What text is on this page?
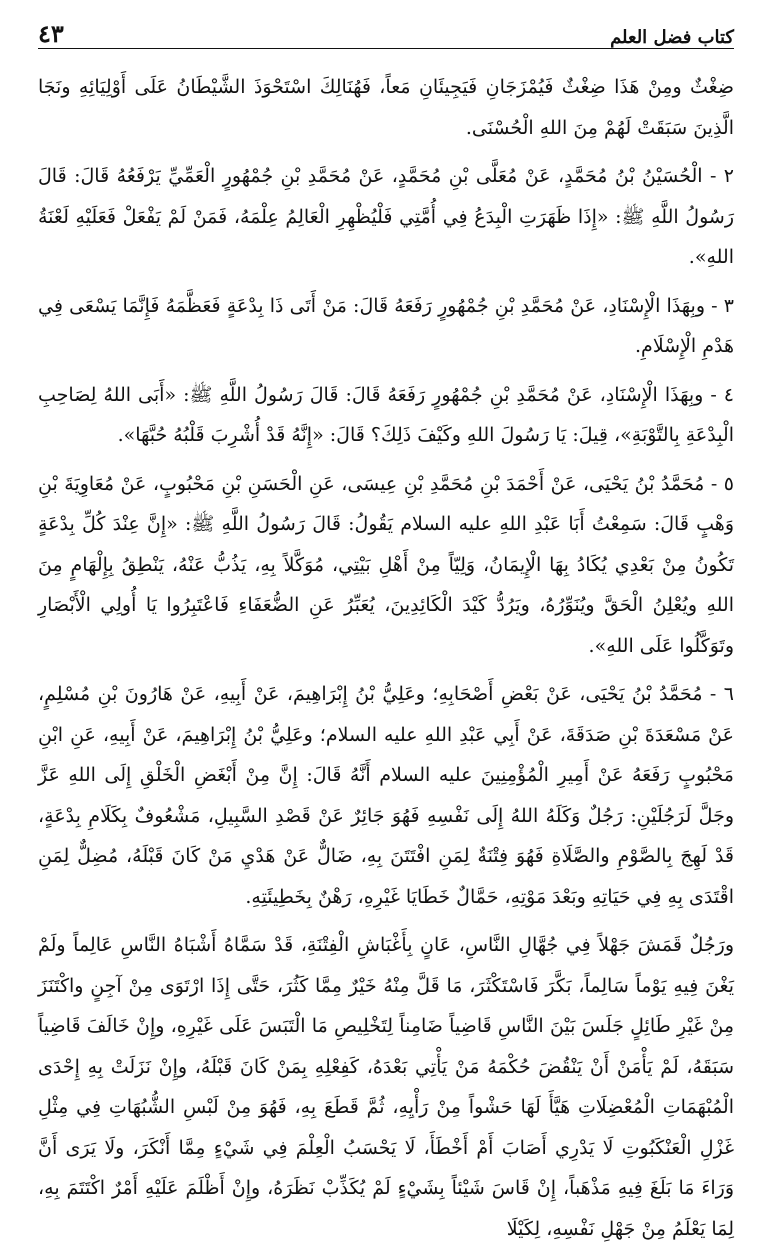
كتاب فضل العلم
٤٣

ضِغْثٌ ومِنْ هَذَا ضِغْثٌ فَيُمْزَجَانِ فَيَجِيئَانِ مَعاً، فَهُنَالِكَ اسْتَحْوَذَ الشَّيْطَانُ عَلَى أَوْلِيَائِهِ ونَجَا الَّذِينَ سَبَقَتْ لَهُمْ مِنَ اللهِ الْحُسْنَى.

٢ - الْحُسَيْنُ بْنُ مُحَمَّدٍ، عَنْ مُعَلَّى بْنِ مُحَمَّدٍ، عَنْ مُحَمَّدِ بْنِ جُمْهُورٍ الْعَمِّيِّ يَرْفَعُهُ قَالَ: قَالَ رَسُولُ اللَّهِ ﷺ: «إِذَا ظَهَرَتِ الْبِدَعُ فِي أُمَّتِي فَلْيُظْهِرِ الْعَالِمُ عِلْمَهُ، فَمَنْ لَمْ يَفْعَلْ فَعَلَيْهِ لَعْنَةُ اللهِ».

٣ - وبِهَذَا الْإِسْنَادِ، عَنْ مُحَمَّدِ بْنِ جُمْهُورٍ رَفَعَهُ قَالَ: مَنْ أَتَى ذَا بِدْعَةٍ فَعَظَّمَهُ فَإِنَّمَا يَسْعَى فِي هَدْمِ الْإِسْلَامِ.

٤ - وبِهَذَا الْإِسْنَادِ، عَنْ مُحَمَّدِ بْنِ جُمْهُورٍ رَفَعَهُ قَالَ: قَالَ رَسُولُ اللَّهِ ﷺ: «أَبَى اللهُ لِصَاحِبِ الْبِدْعَةِ بِالتَّوْبَةِ»، قِيلَ: يَا رَسُولَ اللهِ وكَيْفَ ذَلِكَ؟ قَالَ: «إِنَّهُ قَدْ أُشْرِبَ قَلْبُهُ حُبَّهَا».

٥ - مُحَمَّدُ بْنُ يَحْيَى، عَنْ أَحْمَدَ بْنِ مُحَمَّدِ بْنِ عِيسَى، عَنِ الْحَسَنِ بْنِ مَحْبُوبٍ، عَنْ مُعَاوِيَةَ بْنِ وَهْبٍ قَالَ: سَمِعْتُ أَبَا عَبْدِ اللهِ عليه السلام يَقُولُ: قَالَ رَسُولُ اللَّهِ ﷺ: «إِنَّ عِنْدَ كُلِّ بِدْعَةٍ تَكُونُ مِنْ بَعْدِي يُكَادُ بِهَا الْإِيمَانُ، وَلِيّاً مِنْ أَهْلِ بَيْتِي، مُوَكَّلاً بِهِ، يَذُبُّ عَنْهُ، يَنْطِقُ بِإِلْهَامٍ مِنَ اللهِ ويُعْلِنُ الْحَقَّ ويُنَوِّرُهُ، ويَرُدُّ كَيْدَ الْكَائِدِينَ، يُعَبِّرُ عَنِ الضُّعَفَاءِ فَاعْتَبِرُوا يَا أُولِي الْأَبْصَارِ وتَوَكَّلُوا عَلَى اللهِ».

٦ - مُحَمَّدُ بْنُ يَحْيَى، عَنْ بَعْضِ أَصْحَابِهِ؛ وعَلِيُّ بْنُ إِبْرَاهِيمَ، عَنْ أَبِيهِ، عَنْ هَارُونَ بْنِ مُسْلِمٍ، عَنْ مَسْعَدَةَ بْنِ صَدَقَةَ، عَنْ أَبِي عَبْدِ اللهِ عليه السلام؛ وعَلِيُّ بْنُ إِبْرَاهِيمَ، عَنْ أَبِيهِ، عَنِ ابْنِ مَحْبُوبٍ رَفَعَهُ عَنْ أَمِيرِ الْمُؤْمِنِينَ عليه السلام أَنَّهُ قَالَ: إِنَّ مِنْ أَبْغَضِ الْخَلْقِ إِلَى اللهِ عَزَّ وجَلَّ لَرَجُلَيْنِ: رَجُلٌ وَكَلَهُ اللهُ إِلَى نَفْسِهِ فَهُوَ جَائِرٌ عَنْ قَصْدِ السَّبِيلِ، مَشْعُوفٌ بِكَلَامِ بِدْعَةٍ، قَدْ لَهِجَ بِالصَّوْمِ والصَّلَاةِ فَهُوَ فِتْنَةٌ لِمَنِ افْتَتَنَ بِهِ، ضَالٌّ عَنْ هَدْيِ مَنْ كَانَ قَبْلَهُ، مُضِلٌّ لِمَنِ اقْتَدَى بِهِ فِي حَيَاتِهِ وبَعْدَ مَوْتِهِ، حَمَّالٌ خَطَايَا غَيْرِهِ، رَهْنٌ بِخَطِيئَتِهِ.

ورَجُلٌ قَمَشَ جَهْلاً فِي جُهَّالِ النَّاسِ، عَانٍ بِأَغْبَاشِ الْفِتْنَةِ، قَدْ سَمَّاهُ أَشْبَاهُ النَّاسِ عَالِماً ولَمْ يَغْنَ فِيهِ يَوْماً سَالِماً، بَكَّرَ فَاسْتَكْثَرَ، مَا قَلَّ مِنْهُ خَيْرٌ مِمَّا كَثُرَ، حَتَّى إِذَا ارْتَوَى مِنْ آجِنٍ واكْتَنَزَ مِنْ غَيْرِ طَائِلٍ جَلَسَ بَيْنَ النَّاسِ قَاضِياً ضَامِناً لِتَخْلِيصِ مَا الْتَبَسَ عَلَى غَيْرِهِ، وإِنْ خَالَفَ قَاضِياً سَبَقَهُ، لَمْ يَأْمَنْ أَنْ يَنْقُضَ حُكْمَهُ مَنْ يَأْتِي بَعْدَهُ، كَفِعْلِهِ بِمَنْ كَانَ قَبْلَهُ، وإِنْ نَزَلَتْ بِهِ إِحْدَى الْمُبْهَمَاتِ الْمُعْضِلَاتِ هَيَّأَ لَهَا حَشْواً مِنْ رَأْيِهِ، ثُمَّ قَطَعَ بِهِ، فَهُوَ مِنْ لَبْسِ الشُّبُهَاتِ فِي مِثْلِ غَزْلِ الْعَنْكَبُوتِ لَا يَدْرِي أَصَابَ أَمْ أَخْطَأَ، لَا يَحْسَبُ الْعِلْمَ فِي شَيْءٍ مِمَّا أَنْكَرَ، ولَا يَرَى أَنَّ وَرَاءَ مَا بَلَغَ فِيهِ مَذْهَباً، إِنْ قَاسَ شَيْئاً بِشَيْءٍ لَمْ يُكَذِّبْ نَظَرَهُ، وإِنْ أَظْلَمَ عَلَيْهِ أَمْرٌ اكْتَتَمَ بِهِ، لِمَا يَعْلَمُ مِنْ جَهْلِ نَفْسِهِ، لِكَيْلَا
